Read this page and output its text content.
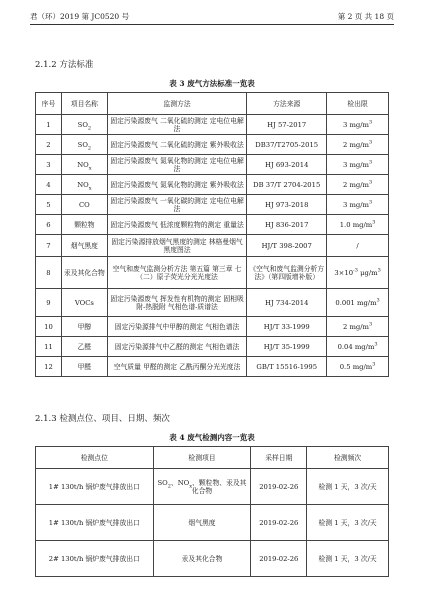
君（环）2019 第 JC0520 号	第 2 页 共 18 页
2.1.2 方法标准
表 3 废气方法标准一览表
序号	项目名称	监测方法	方法来源	检出限
1	$SO_2$	固定污染源废气 二氧化硫的测定 定电位电解法	HJ 57-2017	3 $mg/m^3$
2	$SO_2$	固定污染源废气 二氧化硫的测定 紫外吸收法	DB37/T2705-2015	2 $mg/m^3$
3	$NO_x$	固定污染源废气 氮氧化物的测定 定电位电解法	HJ 693-2014	3 $mg/m^3$
4	$NO_x$	固定污染源废气 氮氧化物的测定 紫外吸收法	DB 37/T 2704-2015	2 $mg/m^3$
5	CO	固定污染源废气 一氧化碳的测定 定电位电解法	HJ 973-2018	3 $mg/m^3$
6	颗粒物	固定污染源废气 低浓度颗粒物的测定 重量法	HJ 836-2017	1.0 $mg/m^3$
7	烟气黑度	固定污染源排放烟气黑度的测定 林格曼烟气黑度图法	HJ/T 398-2007	/
8	汞及其化合物	空气和废气监测分析方法 第五篇 第三章 七（二）原子荧光分光光度法	《空气和废气监测分析方法》（第四版增补版）	$3\times 10^{-3}$ $\mu g/m^3$
9	VOCs	固定污染源废气 挥发性有机物的测定 固相吸附-热脱附 气相色谱-质谱法	HJ 734-2014	0.001 $mg/m^3$
10	甲醇	固定污染源排气中甲醇的测定 气相色谱法	HJ/T 33-1999	2 $mg/m^3$
11	乙醛	固定污染源排气中乙醛的测定 气相色谱法	HJ/T 35-1999	0.04 $mg/m^3$
12	甲醛	空气质量 甲醛的测定 乙酰丙酮分光光度法	GB/T 15516-1995	0.5 $mg/m^3$
2.1.3 检测点位、项目、日期、频次
表 4 废气检测内容一览表
检测点位	检测项目	采样日期	检测频次
1# 130t/h 锅炉废气排放出口	$SO_2$、$NO_x$、颗粒物、汞及其化合物	2019-02-26	检测 1 天，3 次/天
1# 130t/h 锅炉废气排放出口	烟气黑度	2019-02-26	检测 1 天，3 次/天
2# 130t/h 锅炉废气排放出口	汞及其化合物	2019-02-26	检测 1 天，3 次/天
